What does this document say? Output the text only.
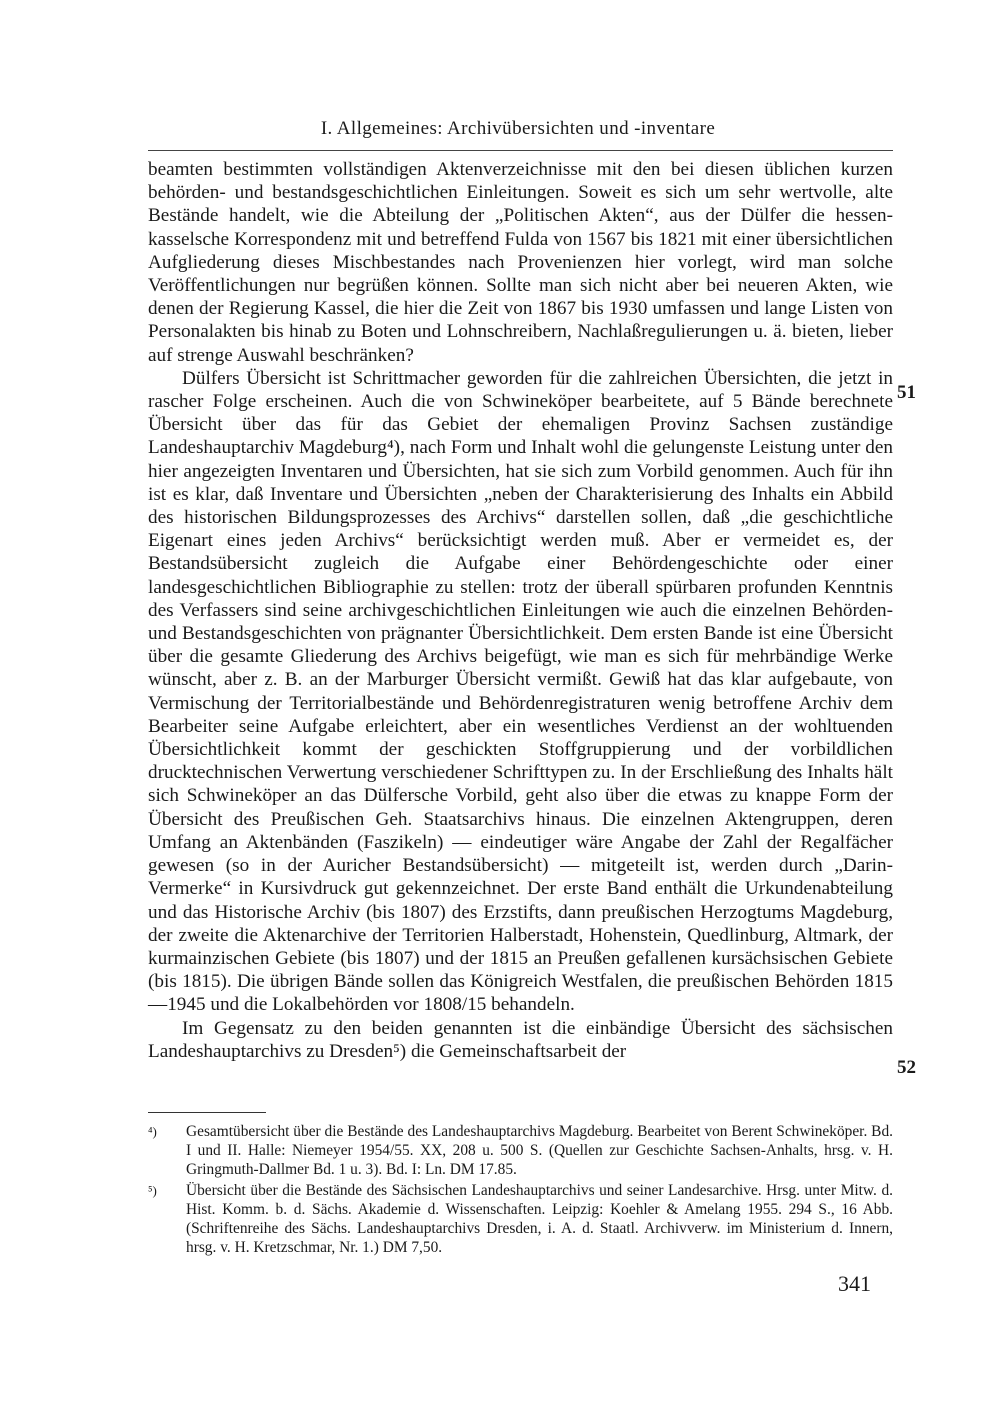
I. Allgemeines: Archivübersichten und -inventare

beamten bestimmten vollständigen Aktenverzeichnisse mit den bei diesen üblichen kurzen behörden- und bestandsgeschichtlichen Einleitungen. Soweit es sich um sehr wertvolle, alte Bestände handelt, wie die Abteilung der „Politischen Akten“, aus der Dülfer die hessen-kasselsche Korrespondenz mit und betreffend Fulda von 1567 bis 1821 mit einer übersichtlichen Aufgliederung dieses Mischbestandes nach Provenienzen hier vorlegt, wird man solche Veröffentlichungen nur begrüßen können. Sollte man sich nicht aber bei neueren Akten, wie denen der Regierung Kassel, die hier die Zeit von 1867 bis 1930 umfassen und lange Listen von Personalakten bis hinab zu Boten und Lohnschreibern, Nachlaßregulierungen u. ä. bieten, lieber auf strenge Auswahl beschränken?

Dülfers Übersicht ist Schrittmacher geworden für die zahlreichen Übersichten, die jetzt in rascher Folge erscheinen. Auch die von Schwineköper bearbeitete, auf 5 Bände berechnete Übersicht über das für das Gebiet der ehemaligen Provinz Sachsen zuständige Landeshauptarchiv Magdeburg⁴), nach Form und Inhalt wohl die gelungenste Leistung unter den hier angezeigten Inventaren und Übersichten, hat sie sich zum Vorbild genommen. Auch für ihn ist es klar, daß Inventare und Übersichten „neben der Charakterisierung des Inhalts ein Abbild des historischen Bildungsprozesses des Archivs“ darstellen sollen, daß „die geschichtliche Eigenart eines jeden Archivs“ berücksichtigt werden muß. Aber er vermeidet es, der Bestandsübersicht zugleich die Aufgabe einer Behördengeschichte oder einer landesgeschichtlichen Bibliographie zu stellen: trotz der überall spürbaren profunden Kenntnis des Verfassers sind seine archivgeschichtlichen Einleitungen wie auch die einzelnen Behörden- und Bestandsgeschichten von prägnanter Übersichtlichkeit. Dem ersten Bande ist eine Übersicht über die gesamte Gliederung des Archivs beigefügt, wie man es sich für mehrbändige Werke wünscht, aber z. B. an der Marburger Übersicht vermißt. Gewiß hat das klar aufgebaute, von Vermischung der Territorialbestände und Behördenregistraturen wenig betroffene Archiv dem Bearbeiter seine Aufgabe erleichtert, aber ein wesentliches Verdienst an der wohltuenden Übersichtlichkeit kommt der geschickten Stoffgruppierung und der vorbildlichen drucktechnischen Verwertung verschiedener Schrifttypen zu. In der Erschließung des Inhalts hält sich Schwineköper an das Dülfersche Vorbild, geht also über die etwas zu knappe Form der Übersicht des Preußischen Geh. Staatsarchivs hinaus. Die einzelnen Aktengruppen, deren Umfang an Aktenbänden (Faszikeln) — eindeutiger wäre Angabe der Zahl der Regalfächer gewesen (so in der Auricher Bestandsübersicht) — mitgeteilt ist, werden durch „Darin-Vermerke“ in Kursivdruck gut gekennzeichnet. Der erste Band enthält die Urkundenabteilung und das Historische Archiv (bis 1807) des Erzstifts, dann preußischen Herzogtums Magdeburg, der zweite die Aktenarchive der Territorien Halberstadt, Hohenstein, Quedlinburg, Altmark, der kurmainzischen Gebiete (bis 1807) und der 1815 an Preußen gefallenen kursächsischen Gebiete (bis 1815). Die übrigen Bände sollen das Königreich Westfalen, die preußischen Behörden 1815—1945 und die Lokalbehörden vor 1808/15 behandeln.

Im Gegensatz zu den beiden genannten ist die einbändige Übersicht des sächsischen Landeshauptarchivs zu Dresden⁵) die Gemeinschaftsarbeit der

51
52
⁴)	Gesamtübersicht über die Bestände des Landeshauptarchivs Magdeburg. Bearbeitet von Berent Schwineköper. Bd. I und II. Halle: Niemeyer 1954/55. XX, 208 u. 500 S. (Quellen zur Geschichte Sachsen-Anhalts, hrsg. v. H. Gringmuth-Dallmer Bd. 1 u. 3). Bd. I: Ln. DM 17.85.
⁵)	Übersicht über die Bestände des Sächsischen Landeshauptarchivs und seiner Landesarchive. Hrsg. unter Mitw. d. Hist. Komm. b. d. Sächs. Akademie d. Wissenschaften. Leipzig: Koehler & Amelang 1955. 294 S., 16 Abb. (Schriftenreihe des Sächs. Landeshauptarchivs Dresden, i. A. d. Staatl. Archivverw. im Ministerium d. Innern, hrsg. v. H. Kretzschmar, Nr. 1.) DM 7,50.
341
